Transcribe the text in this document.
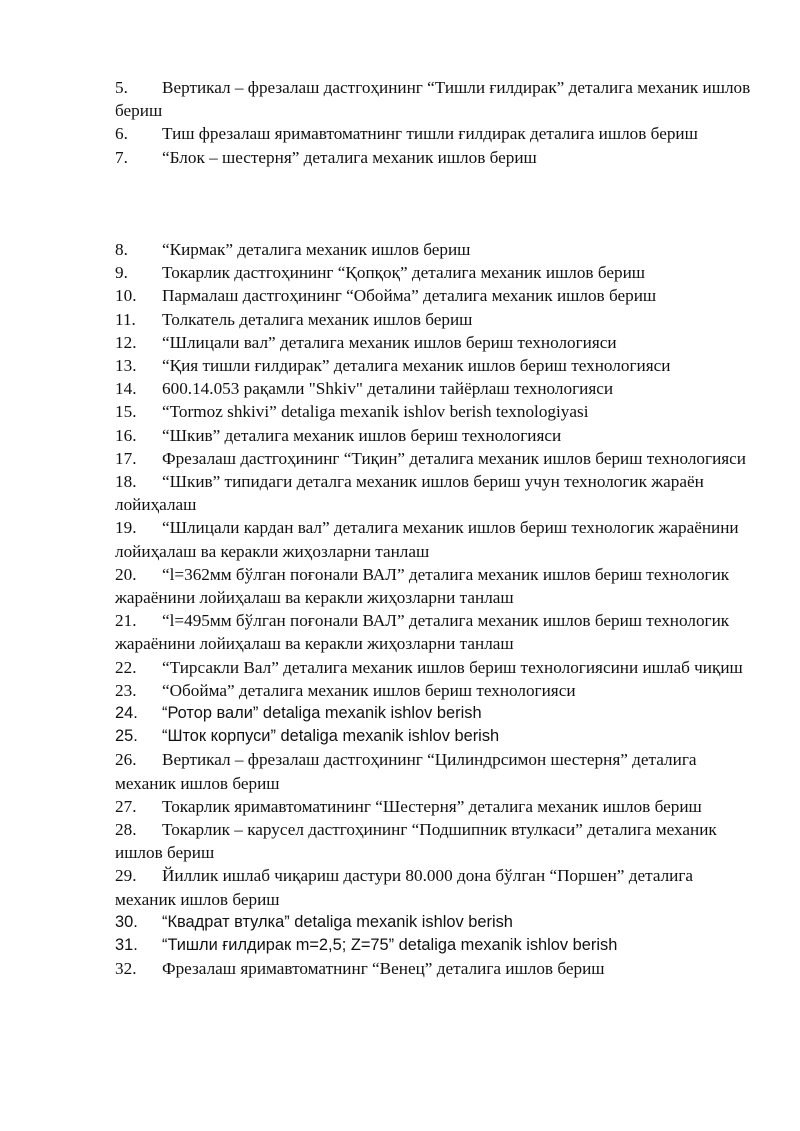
5. Вертикал – фрезалаш дастгоҳининг “Тишли ғилдирак” деталига механик ишлов бериш
6. Тиш фрезалаш яримавтоматнинг тишли ғилдирак деталига ишлов бериш
7. “Блок – шестерня” деталига механик ишлов бериш
8. “Кирмак” деталига механик ишлов бериш
9. Токарлик дастгоҳининг “Қопқоқ” деталига механик ишлов бериш
10. Пармалаш дастгоҳининг “Обойма” деталига механик ишлов бериш
11. Толкатель деталига механик ишлов бериш
12. “Шлицали вал” деталига механик ишлов бериш технологияси
13. “Қия тишли ғилдирак” деталига механик ишлов бериш технологияси
14. 600.14.053 рақамли "Shkiv" деталини тайёрлаш технологияси
15. “Tormoz shkivi” detaliga mexanik ishlov berish texnologiyasi
16. “Шкив” деталига механик ишлов бериш технологияси
17. Фрезалаш дастгоҳининг “Тиқин” деталига механик ишлов бериш технологияси
18. “Шкив” типидаги деталга механик ишлов бериш учун технологик жараён лойиҳалаш
19. “Шлицали кардан вал” деталига механик ишлов бериш технологик жараёнини лойиҳалаш ва керакли жиҳозларни танлаш
20. “l=362мм бўлган поғонали ВАЛ” деталига механик ишлов бериш технологик жараёнини лойиҳалаш ва керакли жиҳозларни танлаш
21. “l=495мм бўлган поғонали ВАЛ” деталига механик ишлов бериш технологик жараёнини лойиҳалаш ва керакли жиҳозларни танлаш
22. “Тирсакли Вал” деталига механик ишлов бериш технологиясини ишлаб чиқиш
23. “Обойма” деталига механик ишлов бериш технологияси
24. “Ротор вали” detaliga mexanik ishlov berish
25. “Шток корпуси” detaliga mexanik ishlov berish
26. Вертикал – фрезалаш дастгоҳининг “Цилиндрсимон шестерня” деталига механик ишлов бериш
27. Токарлик яримавтоматининг “Шестерня” деталига механик ишлов бериш
28. Токарлик – карусел дастгоҳининг “Подшипник втулкаси” деталига механик ишлов бериш
29. Йиллик ишлаб чиқариш дастури 80.000 дона бўлган “Поршен” деталига механик ишлов бериш
30. “Квадрат втулка” detaliga mexanik ishlov berish
31. “Тишли ғилдирак m=2,5; Z=75” detaliga mexanik ishlov berish
32. Фрезалаш яримавтоматнинг “Венец” деталига ишлов бериш
